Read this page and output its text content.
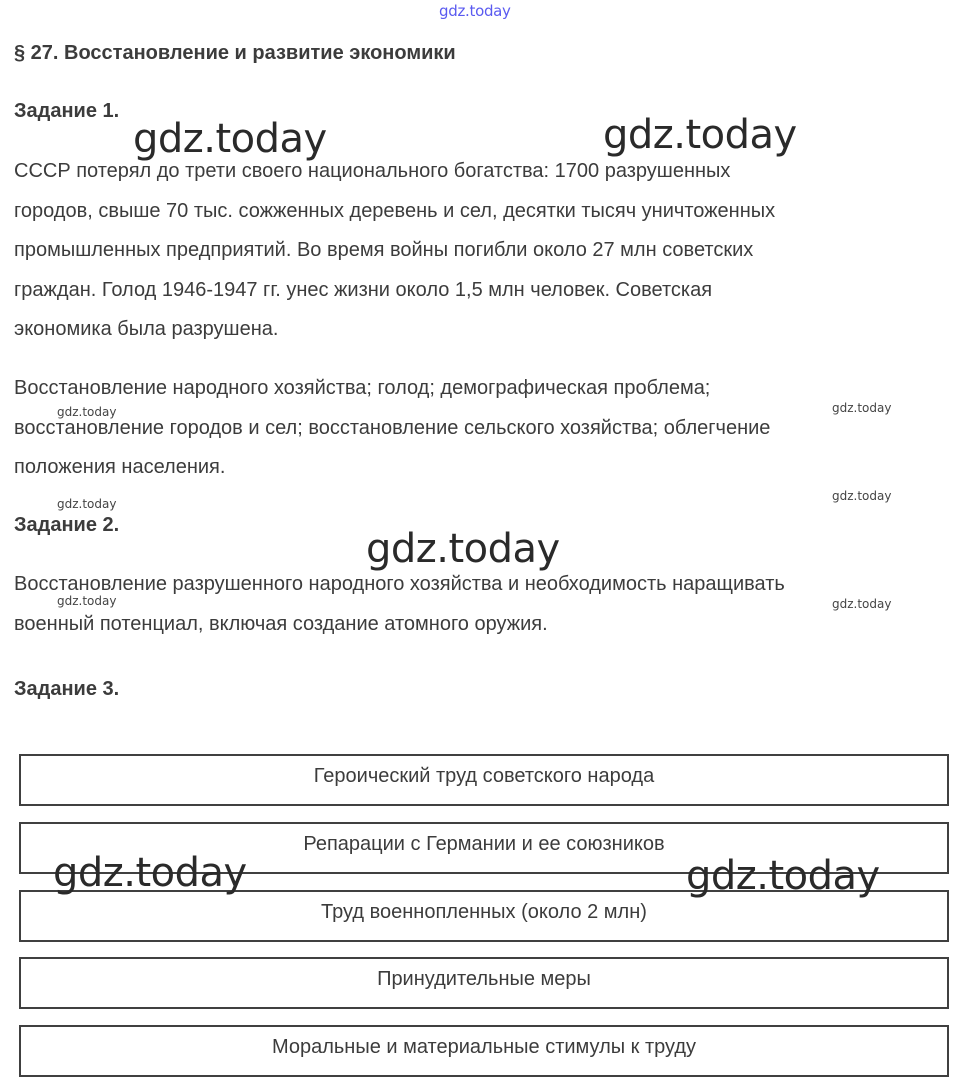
gdz.today
§ 27. Восстановление и развитие экономики
Задание 1.

СССР потерял до трети своего национального богатства: 1700 разрушенных
городов, свыше 70 тыс. сожженных деревень и сел, десятки тысяч уничтоженных
промышленных предприятий. Во время войны погибли около 27 млн советских
граждан. Голод 1946-1947 гг. унес жизни около 1,5 млн человек. Советская
экономика была разрушена.

Восстановление народного хозяйства; голод; демографическая проблема;
восстановление городов и сел; восстановление сельского хозяйства; облегчение
положения населения.

Задание 2.

Восстановление разрушенного народного хозяйства и необходимость наращивать
военный потенциал, включая создание атомного оружия.

Задание 3.
Героический труд советского народа
Репарации с Германии и ее союзников
Труд военнопленных (около 2 млн)
Принудительные меры
Моральные и материальные стимулы к труду
gdz.today	gdz.today
gdz.today
gdz.today	gdz.today
gdz.today	gdz.today
gdz.today
gdz.today
gdz.today	gdz.today
